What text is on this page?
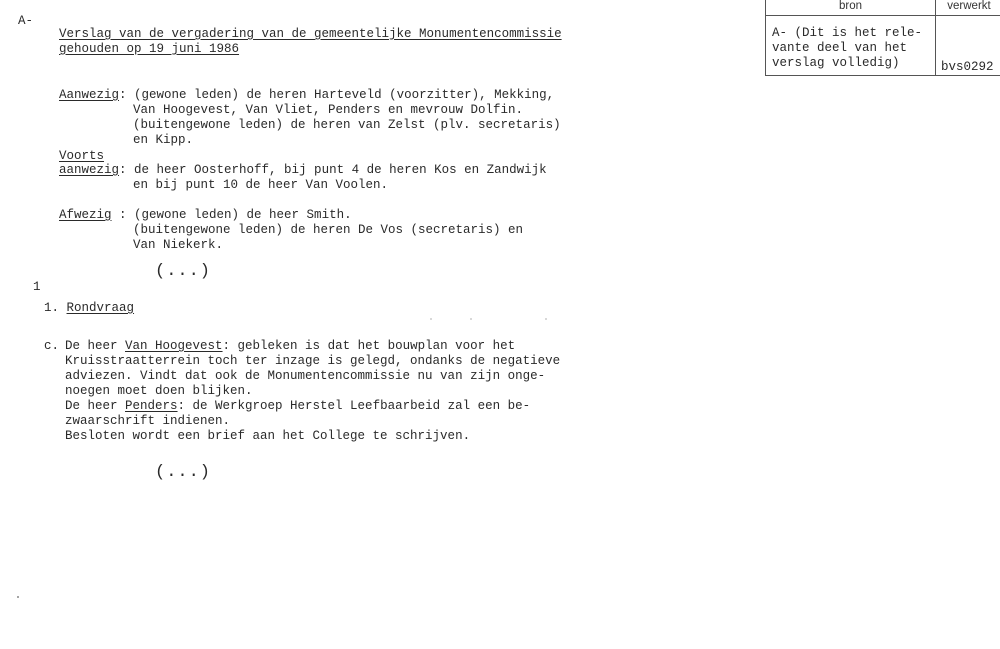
A-
Verslag van de vergadering van de gemeentelijke Monumentencommissie
gehouden op 19 juni 1986
bron	verwerkt
A- (Dit is het rele-
vante deel van het
verslag volledig)	bvs0292
Aanwezig: (gewone leden) de heren Harteveld (voorzitter), Mekking,
Van Hoogevest, Van Vliet, Penders en mevrouw Dolfin.
(buitengewone leden) de heren van Zelst (plv. secretaris)
en Kipp.
Voorts
aanwezig: de heer Oosterhoff, bij punt 4 de heren Kos en Zandwijk
en bij punt 10 de heer Van Voolen.
Afwezig : (gewone leden) de heer Smith.
(buitengewone leden) de heren De Vos (secretaris) en
Van Niekerk.
(...)
1
1. Rondvraag
c. De heer Van Hoogevest: gebleken is dat het bouwplan voor het
Kruisstraatterrein toch ter inzage is gelegd, ondanks de negatieve
adviezen. Vindt dat ook de Monumentencommissie nu van zijn onge-
noegen moet doen blijken.
De heer Penders: de Werkgroep Herstel Leefbaarbeid zal een be-
zwaarschrift indienen.
Besloten wordt een brief aan het College te schrijven.
(...)
